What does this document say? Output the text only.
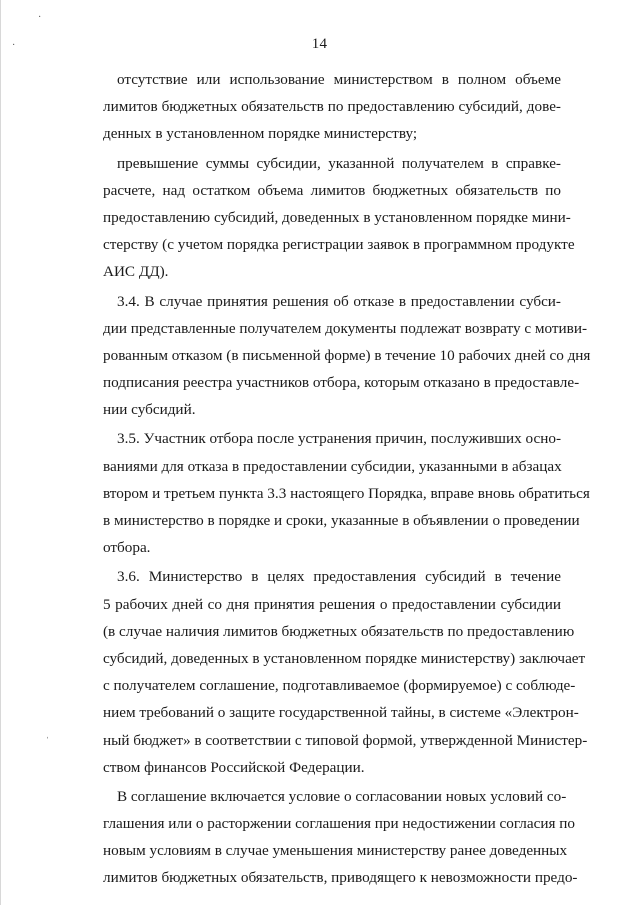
·
·
ˌ
14
отсутствие или использование министерством в полном объеме
лимитов бюджетных обязательств по предоставлению субсидий, дове-
денных в установленном порядке министерству;
превышение суммы субсидии, указанной получателем в справке-
расчете, над остатком объема лимитов бюджетных обязательств по
предоставлению субсидий, доведенных в установленном порядке мини-
стерству (с учетом порядка регистрации заявок в программном продукте
АИС ДД).
3.4. В случае принятия решения об отказе в предоставлении субси-
дии представленные получателем документы подлежат возврату с мотиви-
рованным отказом (в письменной форме) в течение 10 рабочих дней со дня
подписания реестра участников отбора, которым отказано в предоставле-
нии субсидий.
3.5. Участник отбора после устранения причин, послуживших осно-
ваниями для отказа в предоставлении субсидии, указанными в абзацах
втором и третьем пункта 3.3 настоящего Порядка, вправе вновь обратиться
в министерство в порядке и сроки, указанные в объявлении о проведении
отбора.
3.6. Министерство в целях предоставления субсидий в течение
5 рабочих дней со дня принятия решения о предоставлении субсидии
(в случае наличия лимитов бюджетных обязательств по предоставлению
субсидий, доведенных в установленном порядке министерству) заключает
с получателем соглашение, подготавливаемое (формируемое) с соблюде-
нием требований о защите государственной тайны, в системе «Электрон-
ный бюджет» в соответствии с типовой формой, утвержденной Министер-
ством финансов Российской Федерации.
В соглашение включается условие о согласовании новых условий со-
глашения или о расторжении соглашения при недостижении согласия по
новым условиям в случае уменьшения министерству ранее доведенных
лимитов бюджетных обязательств, приводящего к невозможности предо-
